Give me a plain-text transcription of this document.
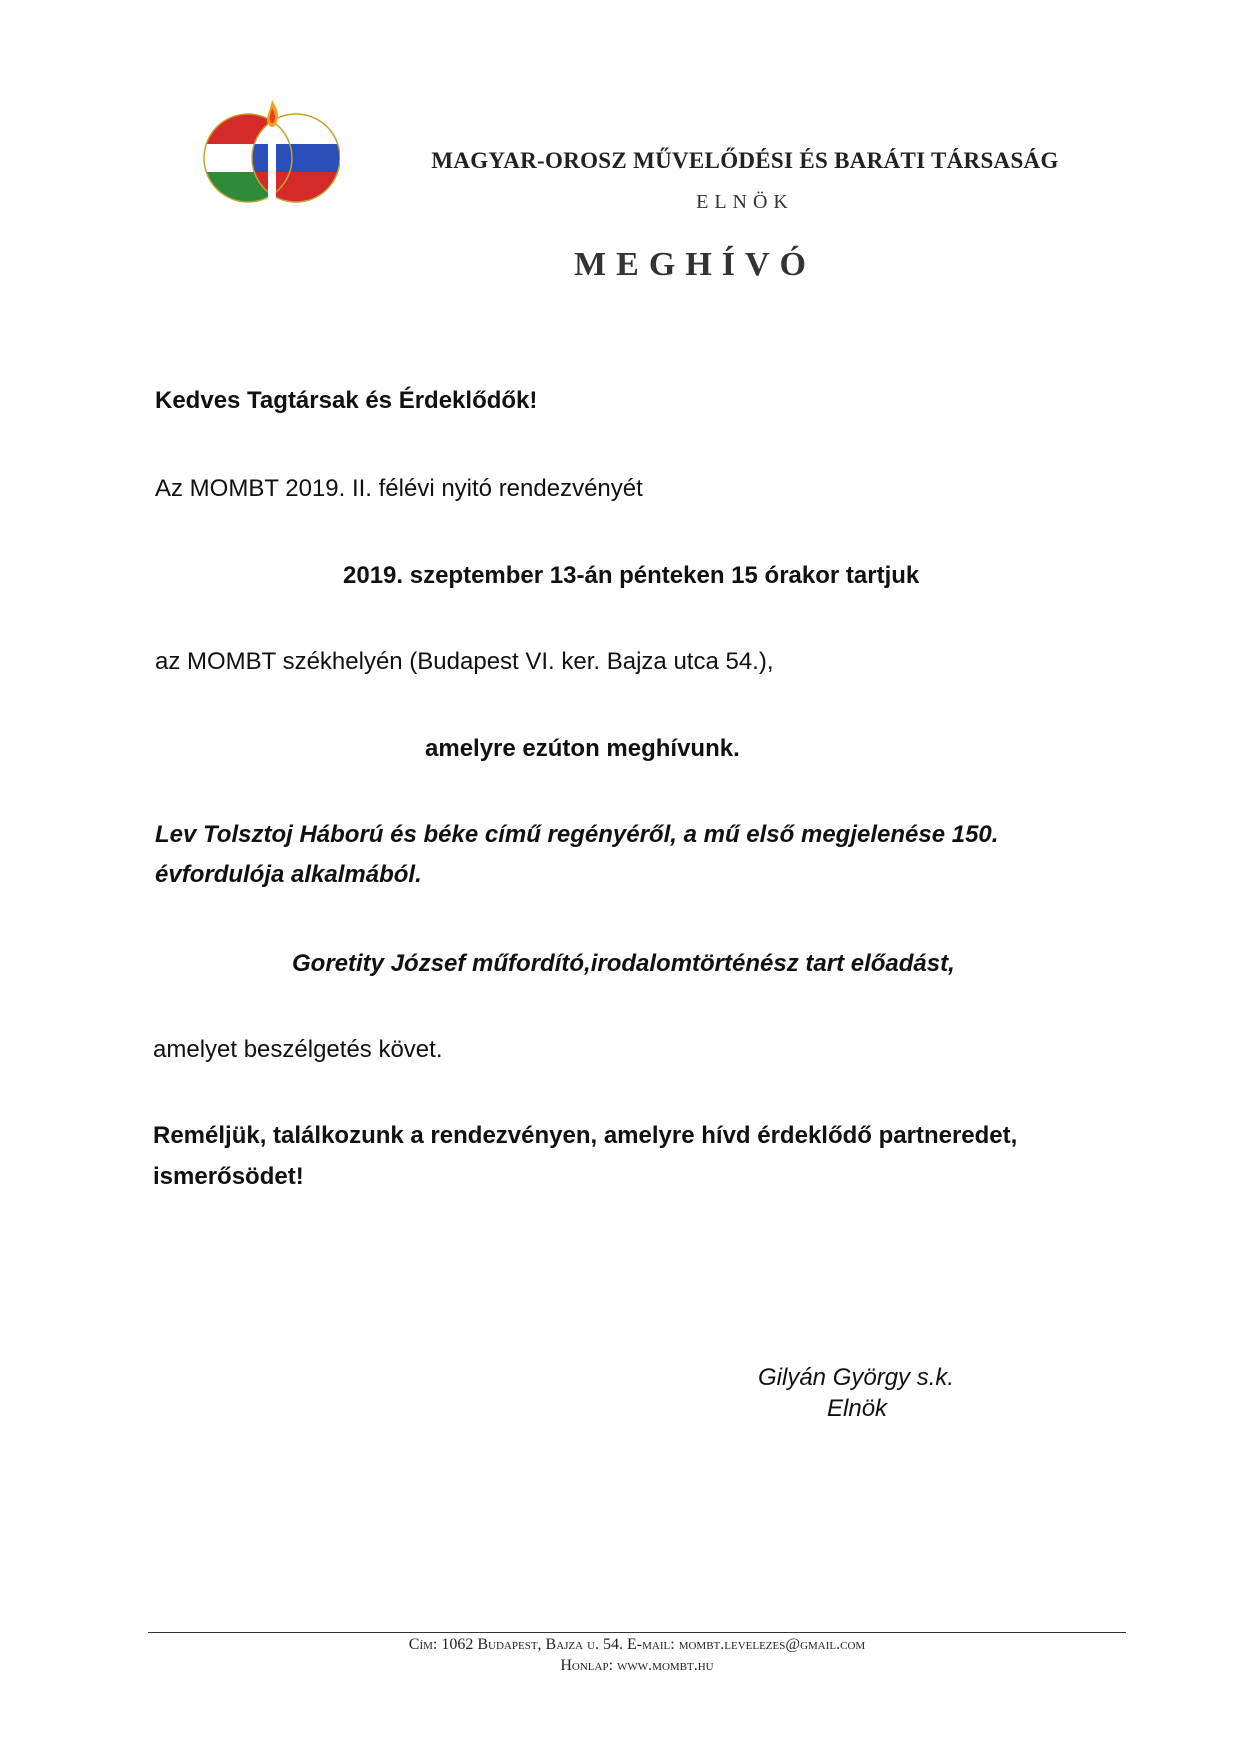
MAGYAR-OROSZ MŰVELŐDÉSI ÉS BARÁTI TÁRSASÁG
ELNÖK
MEGHÍVÓ
Kedves Tagtársak és Érdeklődők!
Az MOMBT 2019. II. félévi nyitó rendezvényét
2019. szeptember 13-án pénteken 15 órakor tartjuk
az MOMBT székhelyén (Budapest VI. ker. Bajza utca 54.),
amelyre ezúton meghívunk.
Lev Tolsztoj Háború és béke című regényéről, a mű első megjelenése 150.
évfordulója alkalmából.
Goretity József műfordító,irodalomtörténész tart előadást,
amelyet beszélgetés követ.
Reméljük, találkozunk a rendezvényen, amelyre hívd érdeklődő partneredet,
ismerősödet!
Gilyán György s.k.
Elnök
Cím: 1062 Budapest, Bajza u. 54. E-mail: mombt.levelezes@gmail.com
Honlap: www.mombt.hu
